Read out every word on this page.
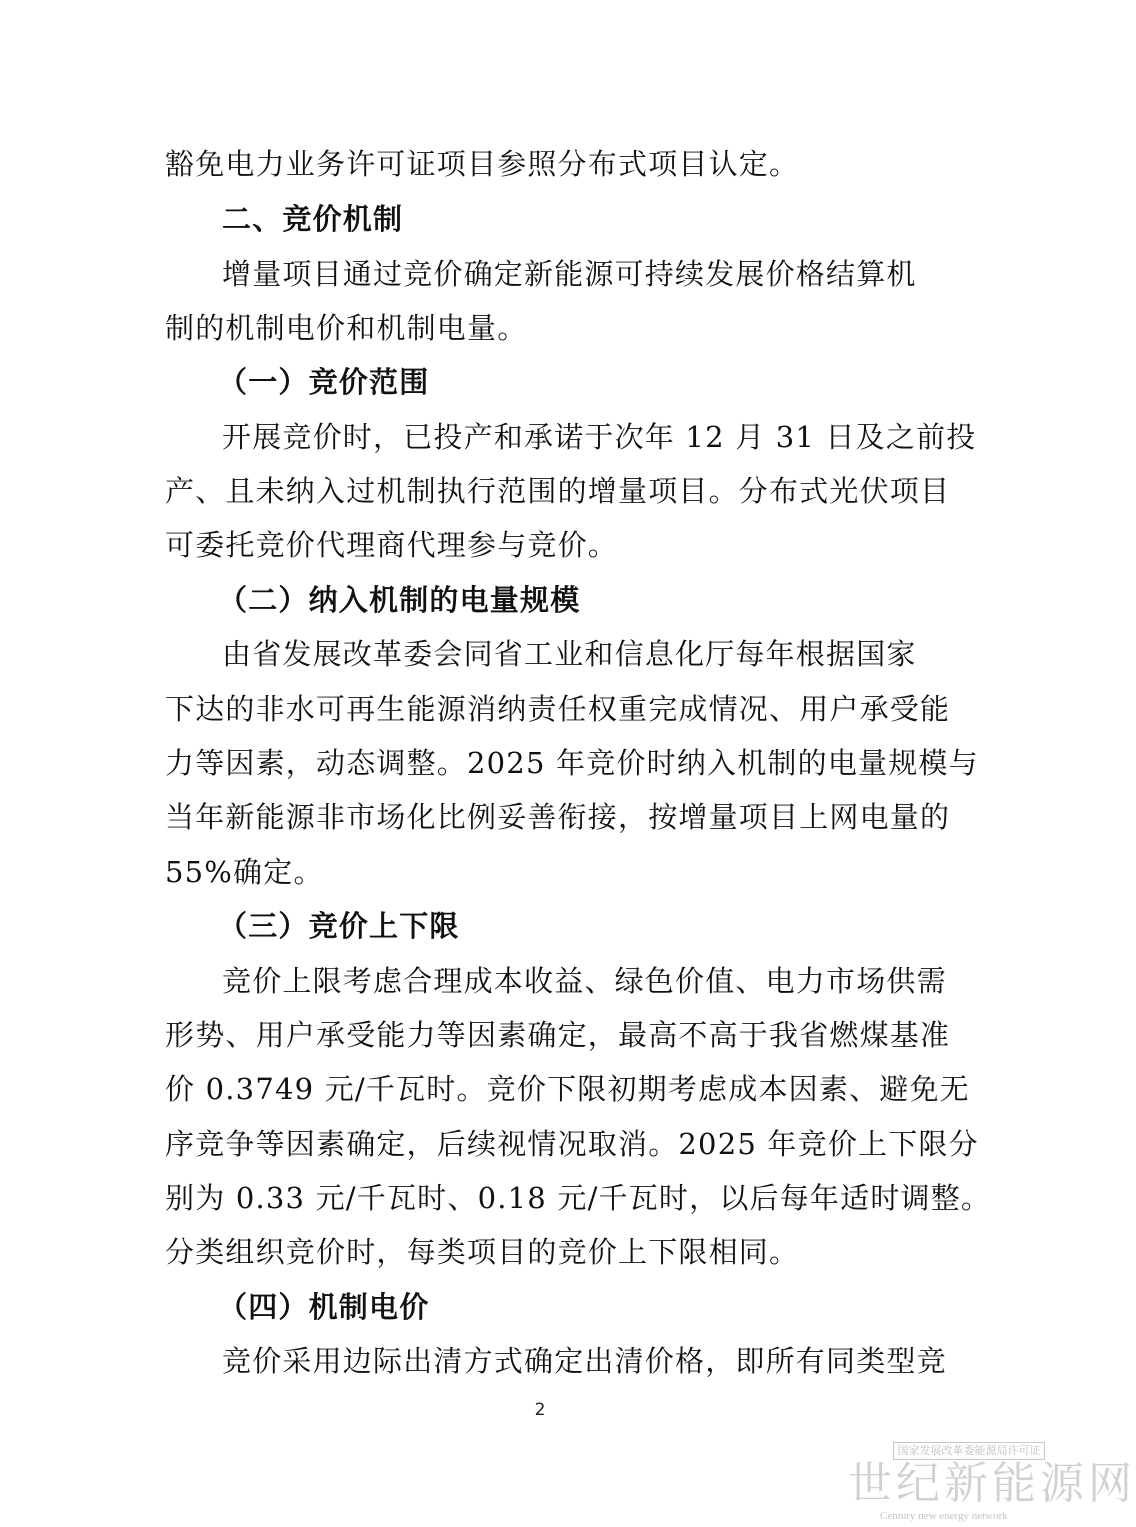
豁免电力业务许可证项目参照分布式项目认定。
二、竞价机制
增量项目通过竞价确定新能源可持续发展价格结算机
制的机制电价和机制电量。
（一）竞价范围
开展竞价时，已投产和承诺于次年 12 月 31 日及之前投
产、且未纳入过机制执行范围的增量项目。分布式光伏项目
可委托竞价代理商代理参与竞价。
（二）纳入机制的电量规模
由省发展改革委会同省工业和信息化厅每年根据国家
下达的非水可再生能源消纳责任权重完成情况、用户承受能
力等因素，动态调整。2025 年竞价时纳入机制的电量规模与
当年新能源非市场化比例妥善衔接，按增量项目上网电量的
55%确定。
（三）竞价上下限
竞价上限考虑合理成本收益、绿色价值、电力市场供需
形势、用户承受能力等因素确定，最高不高于我省燃煤基准
价 0.3749 元/千瓦时。竞价下限初期考虑成本因素、避免无
序竞争等因素确定，后续视情况取消。2025 年竞价上下限分
别为 0.33 元/千瓦时、0.18 元/千瓦时，以后每年适时调整。
分类组织竞价时，每类项目的竞价上下限相同。
（四）机制电价
竞价采用边际出清方式确定出清价格，即所有同类型竞
2
国家发展改革委能源局许可证
世纪新能源网
Century new energy network
